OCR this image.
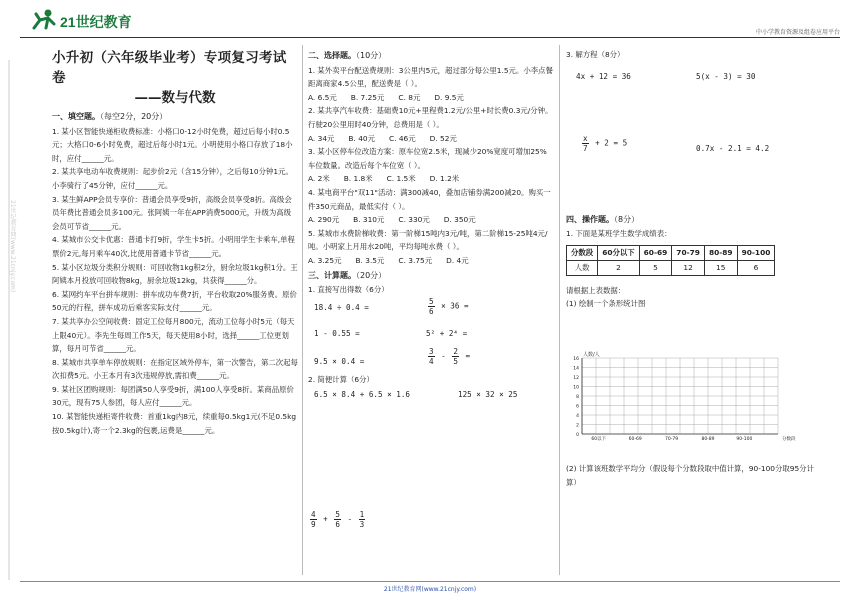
21世纪教育
中小学教育资源及组卷应用平台
21世纪教育网(www.21cnjy.com)
小升初（六年级毕业考）专项复习考试卷
——数与代数
一、填空题。（每空2分，20分）

1. 某小区智能快递柜收费标准：小格口0-12小时免费，超过后每小时0.5元；大格口0-6小时免费，超过后每小时1元。小明使用小格口存放了18小时，应付______元。

2. 某共享电动车收费规则：起步价2元（含15分钟），之后每10分钟1元。小李骑行了45分钟，应付______元。

3. 某生鲜APP会员专享价：普通会员享受9折，高级会员享受8折。高级会员年费比普通会员多100元。张阿姨一年在APP消费5000元，升级为高级会员可节省______元。

4. 某城市公交卡优惠：普通卡打9折，学生卡5折。小明用学生卡乘车,单程票价2元,每月乘车40次,比使用普通卡节省______元。

5. 某小区垃圾分类积分规则：可回收物1kg积2分，厨余垃圾1kg积1分。王阿姨本月投放可回收物8kg，厨余垃圾12kg，共获得______分。

6. 某网约车平台拼车规则：拼车成功车费7折，平台收取20%服务费。原价50元的行程，拼车成功后乘客实际支付______元。

7. 某共享办公空间收费：固定工位每月800元，流动工位每小时5元（每天上限40元）。李先生每周工作5天，每天使用8小时，选择______工位更划算，每月可节省______元。

8. 某城市共享单车停放规则：在指定区域外停车，第一次警告，第二次起每次扣费5元。小王本月有3次违规停放,需扣费______元。

9. 某社区团购规则：每团满50人享受9折，满100人享受8折。某商品原价30元，现有75人参团，每人应付______元。

10. 某智能快递柜寄件收费：首重1kg内8元，续重每0.5kg1元(不足0.5kg按0.5kg计),寄一个2.3kg的包裹,运费是______元。

二、选择题。（10分）

1. 某外卖平台配送费规则：3公里内5元，超过部分每公里1.5元。小李点餐距离商家4.5公里，配送费是（ ）。

A. 6.5元 B. 7.25元 C. 8元 D. 9.5元

2. 某共享汽车收费：基础费10元+里程费1.2元/公里+时长费0.3元/分钟。行驶20公里用时40分钟，总费用是（ ）。

A. 34元 B. 40元 C. 46元 D. 52元

3. 某小区停车位改造方案：原车位宽2.5米，现减少20%宽度可增加25%车位数量。改造后每个车位宽（ ）。

A. 2米 B. 1.8米 C. 1.5米 D. 1.2米

4. 某电商平台"双11"活动：满300减40，叠加店铺券满200减20。购买一件350元商品，最低实付（ ）。

A. 290元 B. 310元 C. 330元 D. 350元

5. 某城市水费阶梯收费：第一阶梯15吨内3元/吨，第二阶梯15-25吨4元/吨。小明家上月用水20吨，平均每吨水费（ ）。

A. 3.25元 B. 3.5元 C. 3.75元 D. 4元
三、计算题。（20分）
1. 直接写出得数（6分）
18.4 ÷ 0.4 =	$\frac{5}{6} \times 36$ =
1 - 0.55 =	5² + 2⁴ =
9.5 × 0.4 =	$\frac{3}{4} - \frac{2}{5}$ =
2. 简便计算（6分）
6.5 × 8.4 + 6.5 × 1.6	125 × 32 × 25
$\frac{4}{9} + \frac{5}{6} - \frac{1}{3}$
3. 解方程（8分）
4x + 12 = 36	5(x - 3) = 30
$\frac{x}{7} + 2 = 5$
0.7x - 2.1 = 4.2
四、操作题。（8分）
1. 下面是某班学生数学成绩表：
分数段	60分以下	60-69	70-79	80-89	90-100
人数	2	5	12	15	6
请根据上表数据：
(1) 绘制一个条形统计图
0
2
4
6
8
10
12
14
16
人数/人
60以下	60-69	70-79	80-89	90-100	分数段
(2) 计算该班数学平均分（假设每个分数段取中值计算，90-100分取95分计算）
21世纪教育网(www.21cnjy.com)
